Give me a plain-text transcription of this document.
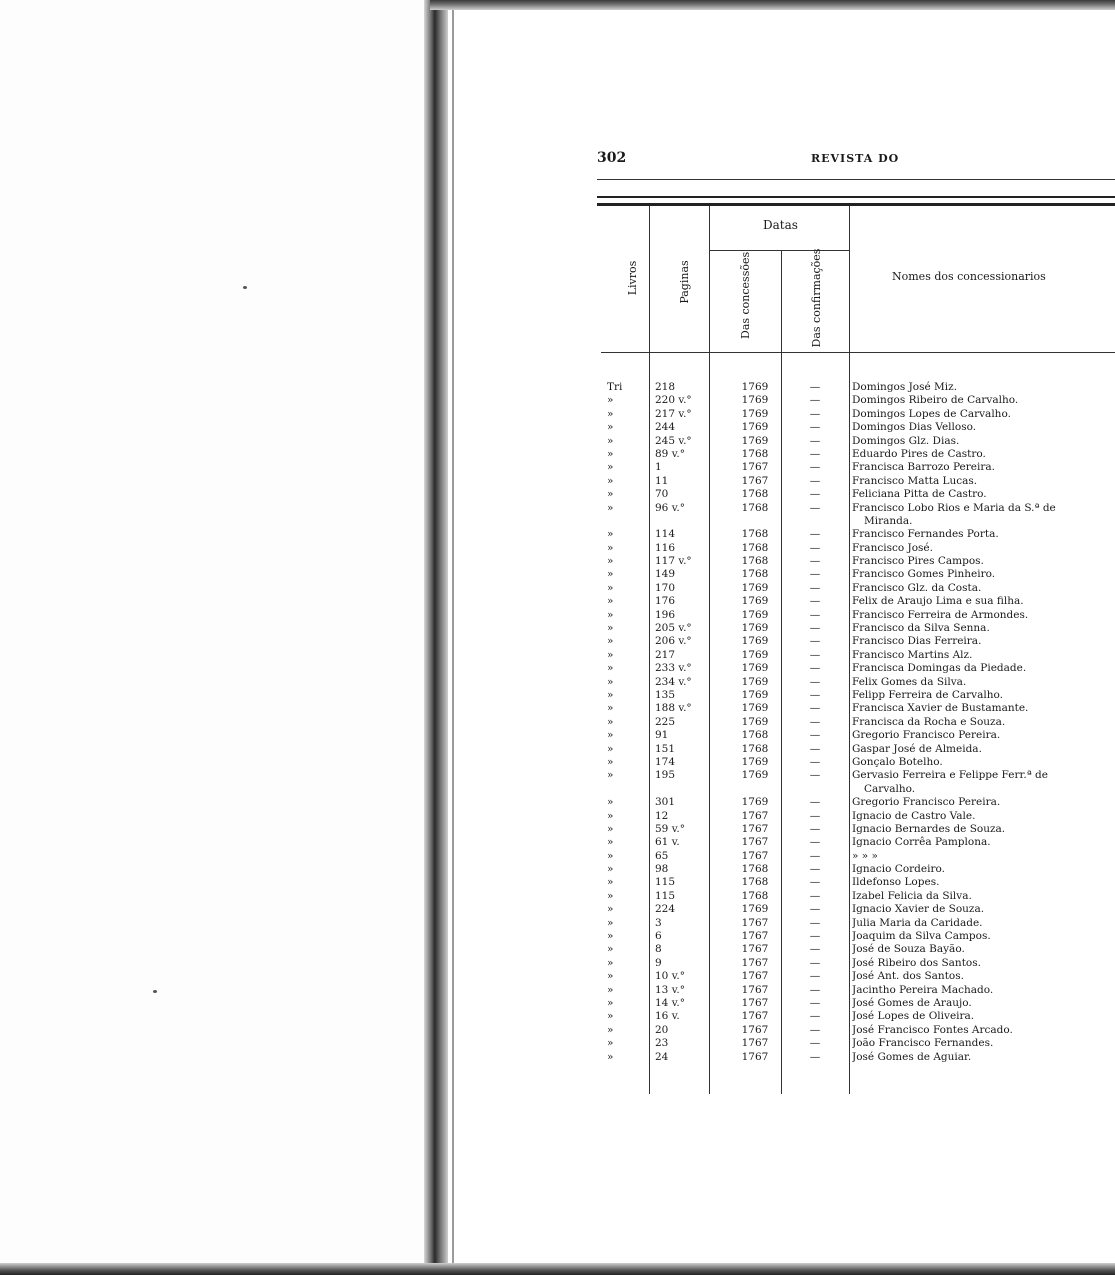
302	REVISTA DO
Datas
Livros	Paginas	Das concessões	Das confirmações	Nomes dos concessionarios
Tri	218	1769	—	Domingos José Miz.
»	220 v.°	1769	—	Domingos Ribeiro de Carvalho.
»	217 v.°	1769	—	Domingos Lopes de Carvalho.
»	244	1769	—	Domingos Dias Velloso.
»	245 v.°	1769	—	Domingos Glz. Dias.
»	89 v.°	1768	—	Eduardo Pires de Castro.
»	1	1767	—	Francisca Barrozo Pereira.
»	11	1767	—	Francisco Matta Lucas.
»	70	1768	—	Feliciana Pitta de Castro.
»	96 v.°	1768	—	Francisco Lobo Rios e Maria da S.ª de
Miranda.
»	114	1768	—	Francisco Fernandes Porta.
»	116	1768	—	Francisco José.
»	117 v.°	1768	—	Francisco Pires Campos.
»	149	1768	—	Francisco Gomes Pinheiro.
»	170	1769	—	Francisco Glz. da Costa.
»	176	1769	—	Felix de Araujo Lima e sua filha.
»	196	1769	—	Francisco Ferreira de Armondes.
»	205 v.°	1769	—	Francisco da Silva Senna.
»	206 v.°	1769	—	Francisco Dias Ferreira.
»	217	1769	—	Francisco Martins Alz.
»	233 v.°	1769	—	Francisca Domingas da Piedade.
»	234 v.°	1769	—	Felix Gomes da Silva.
»	135	1769	—	Felipp Ferreira de Carvalho.
»	188 v.°	1769	—	Francisca Xavier de Bustamante.
»	225	1769	—	Francisca da Rocha e Souza.
»	91	1768	—	Gregorio Francisco Pereira.
»	151	1768	—	Gaspar José de Almeida.
»	174	1769	—	Gonçalo Botelho.
»	195	1769	—	Gervasio Ferreira e Felippe Ferr.ª de
Carvalho.
»	301	1769	—	Gregorio Francisco Pereira.
»	12	1767	—	Ignacio de Castro Vale.
»	59 v.°	1767	—	Ignacio Bernardes de Souza.
»	61 v.	1767	—	Ignacio Corrêa Pamplona.
»	65	1767	—	» » »
»	98	1768	—	Ignacio Cordeiro.
»	115	1768	—	Ildefonso Lopes.
»	115	1768	—	Izabel Felicia da Silva.
»	224	1769	—	Ignacio Xavier de Souza.
»	3	1767	—	Julia Maria da Caridade.
»	6	1767	—	Joaquim da Silva Campos.
»	8	1767	—	José de Souza Bayão.
»	9	1767	—	José Ribeiro dos Santos.
»	10 v.°	1767	—	José Ant. dos Santos.
»	13 v.°	1767	—	Jacintho Pereira Machado.
»	14 v.°	1767	—	José Gomes de Araujo.
»	16 v.	1767	—	José Lopes de Oliveira.
»	20	1767	—	José Francisco Fontes Arcado.
»	23	1767	—	João Francisco Fernandes.
»	24	1767	—	José Gomes de Aguiar.
